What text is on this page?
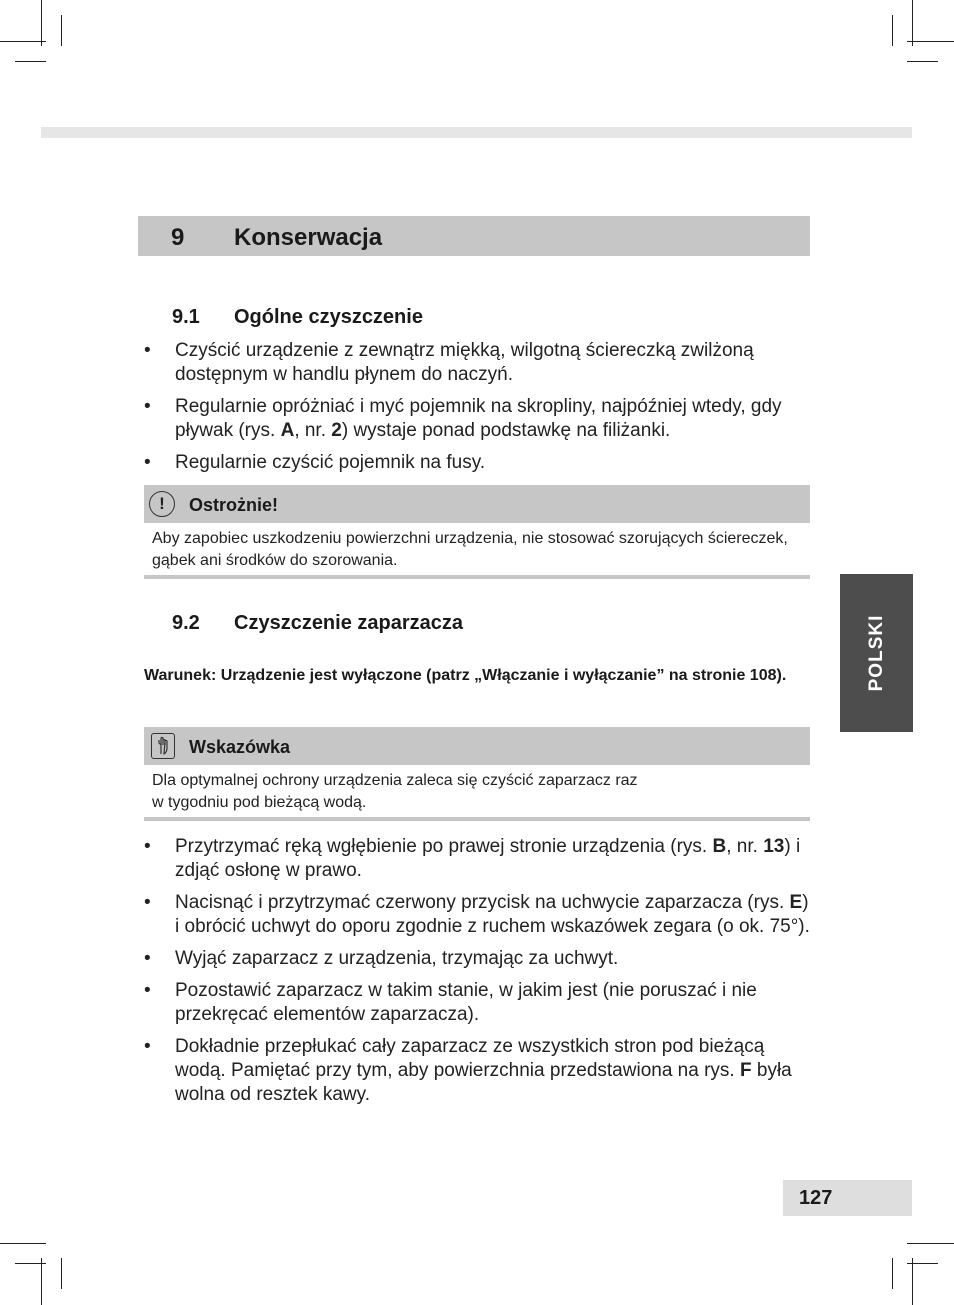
9 Konserwacja
9.1 Ogólne czyszczenie
• Czyścić urządzenie z zewnątrz miękką, wilgotną ściereczką zwilżoną dostępnym w handlu płynem do naczyń.
• Regularnie opróżniać i myć pojemnik na skropliny, najpóźniej wtedy, gdy pływak (rys. A, nr. 2) wystaje ponad podstawkę na filiżanki.
• Regularnie czyścić pojemnik na fusy.
!	Ostrożnie!
Aby zapobiec uszkodzeniu powierzchni urządzenia, nie stosować szorujących ściereczek, gąbek ani środków do szorowania.
9.2 Czyszczenie zaparzacza
Warunek: Urządzenie jest wyłączone (patrz „Włączanie i wyłączanie” na stronie 108).
Wskazówka
Dla optymalnej ochrony urządzenia zaleca się czyścić zaparzacz raz
w tygodniu pod bieżącą wodą.
• Przytrzymać ręką wgłębienie po prawej stronie urządzenia (rys. B, nr. 13) i zdjąć osłonę w prawo.
• Nacisnąć i przytrzymać czerwony przycisk na uchwycie zaparzacza (rys. E) i obrócić uchwyt do oporu zgodnie z ruchem wskazówek zegara (o ok. 75°).
• Wyjąć zaparzacz z urządzenia, trzymając za uchwyt.
• Pozostawić zaparzacz w takim stanie, w jakim jest (nie poruszać i nie przekręcać elementów zaparzacza).
• Dokładnie przepłukać cały zaparzacz ze wszystkich stron pod bieżącą wodą. Pamiętać przy tym, aby powierzchnia przedstawiona na rys. F była wolna od resztek kawy.
POLSKI
127
